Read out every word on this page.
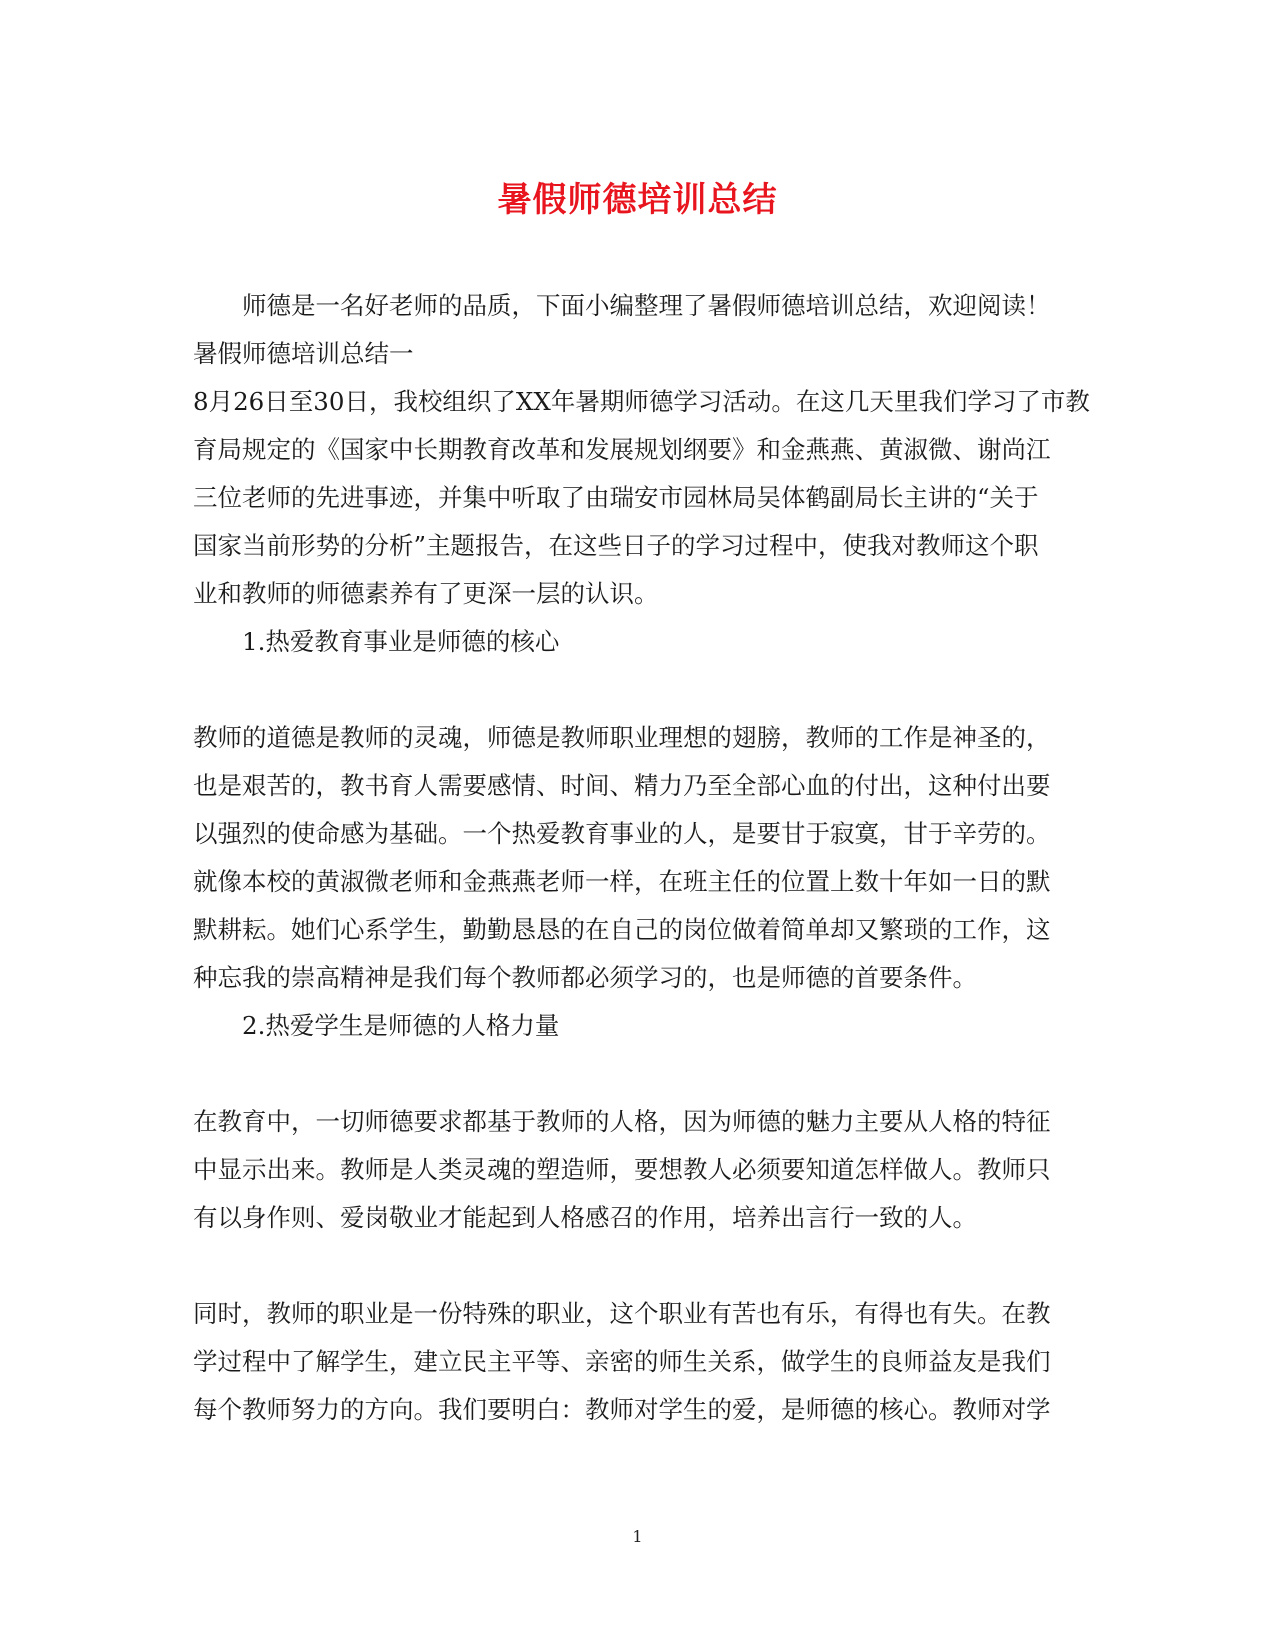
暑假师德培训总结
师德是一名好老师的品质，下面小编整理了暑假师德培训总结，欢迎阅读！
暑假师德培训总结一
8月26日至30日，我校组织了XX年暑期师德学习活动。在这几天里我们学习了市教
育局规定的《国家中长期教育改革和发展规划纲要》和金燕燕、黄淑微、谢尚江
三位老师的先进事迹，并集中听取了由瑞安市园林局吴体鹤副局长主讲的“关于
国家当前形势的分析”主题报告，在这些日子的学习过程中，使我对教师这个职
业和教师的师德素养有了更深一层的认识。
1.热爱教育事业是师德的核心
教师的道德是教师的灵魂，师德是教师职业理想的翅膀，教师的工作是神圣的，
也是艰苦的，教书育人需要感情、时间、精力乃至全部心血的付出，这种付出要
以强烈的使命感为基础。一个热爱教育事业的人，是要甘于寂寞，甘于辛劳的。
就像本校的黄淑微老师和金燕燕老师一样，在班主任的位置上数十年如一日的默
默耕耘。她们心系学生，勤勤恳恳的在自己的岗位做着简单却又繁琐的工作，这
种忘我的崇高精神是我们每个教师都必须学习的，也是师德的首要条件。
2.热爱学生是师德的人格力量
在教育中，一切师德要求都基于教师的人格，因为师德的魅力主要从人格的特征
中显示出来。教师是人类灵魂的塑造师，要想教人必须要知道怎样做人。教师只
有以身作则、爱岗敬业才能起到人格感召的作用，培养出言行一致的人。
同时，教师的职业是一份特殊的职业，这个职业有苦也有乐，有得也有失。在教
学过程中了解学生，建立民主平等、亲密的师生关系，做学生的良师益友是我们
每个教师努力的方向。我们要明白：教师对学生的爱，是师德的核心。教师对学
1
